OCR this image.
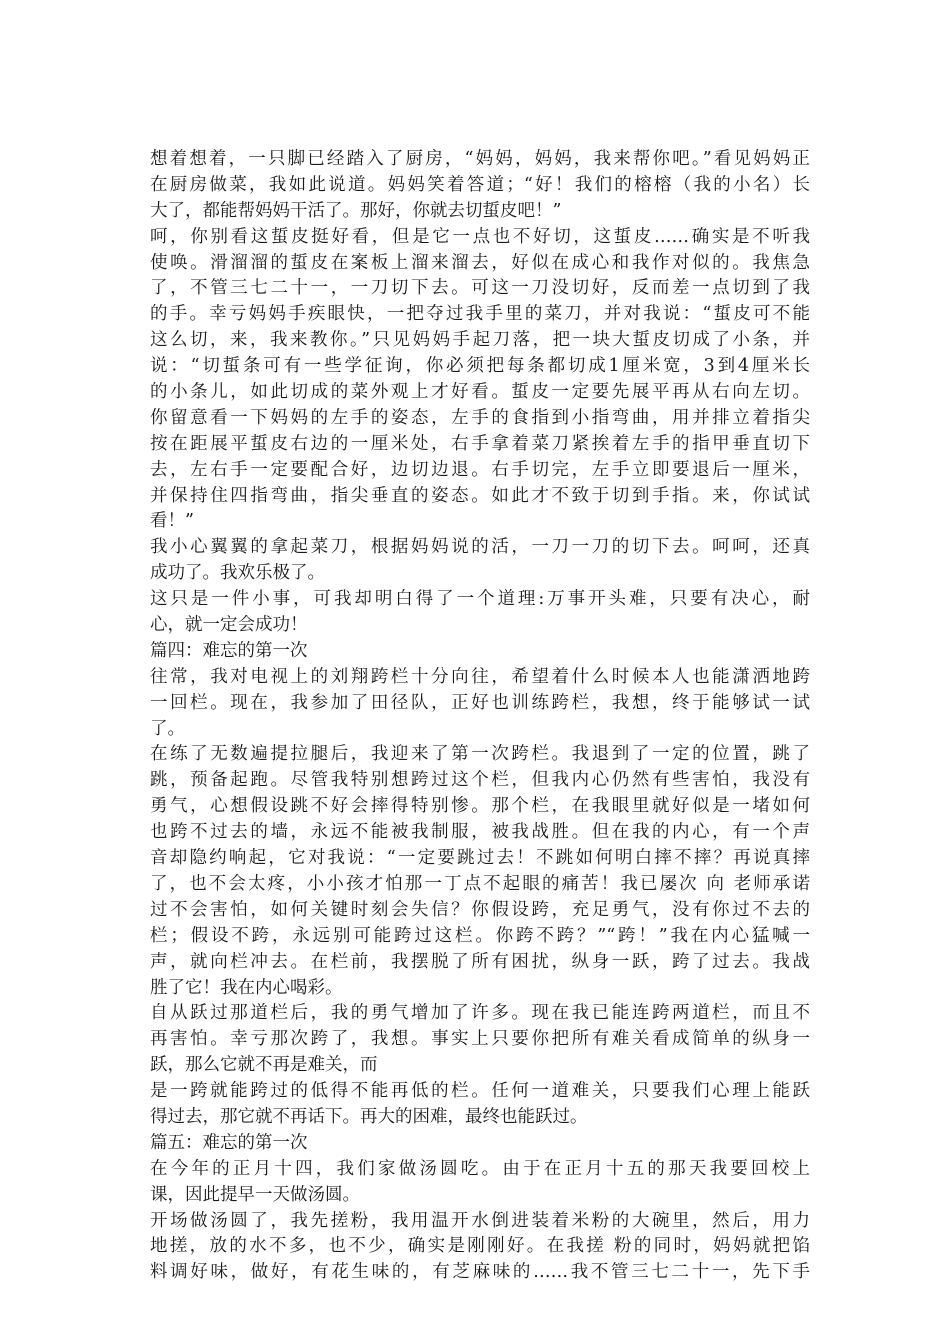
想着想着，一只脚已经踏入了厨房，“妈妈，妈妈，我来帮你吧。”看见妈妈正
在厨房做菜，我如此说道。妈妈笑着答道；“好！我们的榕榕（我的小名）长
大了，都能帮妈妈干活了。那好，你就去切蜇皮吧！”
呵，你别看这蜇皮挺好看，但是它一点也不好切，这蜇皮……确实是不听我
使唤。滑溜溜的蜇皮在案板上溜来溜去，好似在成心和我作对似的。我焦急
了，不管三七二十一，一刀切下去。可这一刀没切好，反而差一点切到了我
的手。幸亏妈妈手疾眼快，一把夺过我手里的菜刀，并对我说：“蜇皮可不能
这么切，来，我来教你。”只见妈妈手起刀落，把一块大蜇皮切成了小条，并
说：“切蜇条可有一些学征询，你必须把每条都切成1厘米宽，3到4厘米长
的小条儿，如此切成的菜外观上才好看。蜇皮一定要先展平再从右向左切。
你留意看一下妈妈的左手的姿态，左手的食指到小指弯曲，用并排立着指尖
按在距展平蜇皮右边的一厘米处，右手拿着菜刀紧挨着左手的指甲垂直切下
去，左右手一定要配合好，边切边退。右手切完，左手立即要退后一厘米，
并保持住四指弯曲，指尖垂直的姿态。如此才不致于切到手指。来，你试试
看！”
我小心翼翼的拿起菜刀，根据妈妈说的活，一刀一刀的切下去。呵呵，还真
成功了。我欢乐极了。
这只是一件小事，可我却明白得了一个道理:万事开头难，只要有决心，耐
心，就一定会成功！
篇四：难忘的第一次
往常，我对电视上的刘翔跨栏十分向往，希望着什么时候本人也能潇洒地跨
一回栏。现在，我参加了田径队，正好也训练跨栏，我想，终于能够试一试
了。
在练了无数遍提拉腿后，我迎来了第一次跨栏。我退到了一定的位置，跳了
跳，预备起跑。尽管我特别想跨过这个栏，但我内心仍然有些害怕，我没有
勇气，心想假设跳不好会摔得特别惨。那个栏，在我眼里就好似是一堵如何
也跨不过去的墙，永远不能被我制服，被我战胜。但在我的内心，有一个声
音却隐约响起，它对我说：“一定要跳过去！不跳如何明白摔不摔？再说真摔
了，也不会太疼，小小孩才怕那一丁点不起眼的痛苦！我已屡次 向 老师承诺
过不会害怕，如何关键时刻会失信？你假设跨，充足勇气，没有你过不去的
栏；假设不跨，永远别可能跨过这栏。你跨不跨？”“跨！”我在内心猛喊一
声，就向栏冲去。在栏前，我摆脱了所有困扰，纵身一跃，跨了过去。我战
胜了它！我在内心喝彩。
自从跃过那道栏后，我的勇气增加了许多。现在我已能连跨两道栏，而且不
再害怕。幸亏那次跨了，我想。事实上只要你把所有难关看成简单的纵身一
跃，那么它就不再是难关，而
是一跨就能跨过的低得不能再低的栏。任何一道难关，只要我们心理上能跃
得过去，那它就不再话下。再大的困难，最终也能跃过。
篇五：难忘的第一次
在今年的正月十四，我们家做汤圆吃。由于在正月十五的那天我要回校上
课，因此提早一天做汤圆。
开场做汤圆了，我先搓粉，我用温开水倒进装着米粉的大碗里，然后，用力
地搓，放的水不多，也不少，确实是刚刚好。在我搓 粉的同时，妈妈就把馅
料调好味，做好，有花生味的，有芝麻味的……我不管三七二十一，先下手
